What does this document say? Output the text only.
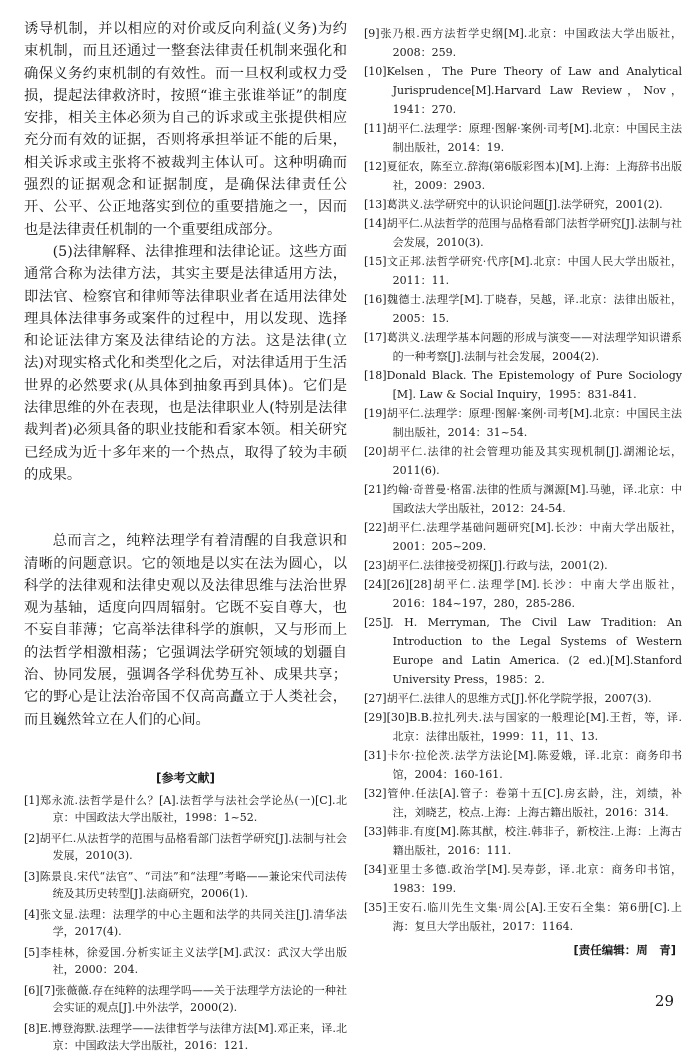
诱导机制，并以相应的对价或反向利益(义务)为约束机制，而且还通过一整套法律责任机制来强化和确保义务约束机制的有效性。而一旦权利或权力受损，提起法律救济时，按照“谁主张谁举证”的制度安排，相关主体必须为自己的诉求或主张提供相应充分而有效的证据，否则将承担举证不能的后果，相关诉求或主张将不被裁判主体认可。这种明确而强烈的证据观念和证据制度，是确保法律责任公开、公平、公正地落实到位的重要措施之一，因而也是法律责任机制的一个重要组成部分。

(5)法律解释、法律推理和法律论证。这些方面通常合称为法律方法，其实主要是法律适用方法，即法官、检察官和律师等法律职业者在适用法律处理具体法律事务或案件的过程中，用以发现、选择和论证法律方案及法律结论的方法。这是法律(立法)对现实格式化和类型化之后，对法律适用于生活世界的必然要求(从具体到抽象再到具体)。它们是法律思维的外在表现，也是法律职业人(特别是法律裁判者)必须具备的职业技能和看家本领。相关研究已经成为近十多年来的一个热点，取得了较为丰硕的成果。

总而言之，纯粹法理学有着清醒的自我意识和清晰的问题意识。它的领地是以实在法为圆心，以科学的法律观和法律史观以及法律思维与法治世界观为基轴，适度向四周辐射。它既不妄自尊大，也不妄自菲薄；它高举法律科学的旗帜，又与形而上的法哲学相激相荡；它强调法学研究领域的划疆自治、协同发展，强调各学科优势互补、成果共享；它的野心是让法治帝国不仅高高矗立于人类社会，而且巍然耸立在人们的心间。

[参考文献]

[1]郑永流.法哲学是什么？[A].法哲学与法社会学论丛(一)[C].北京：中国政法大学出版社，1998：1~52.

[2]胡平仁.从法哲学的范围与品格看部门法哲学研究[J].法制与社会发展，2010(3).

[3]陈景良.宋代“法官”、“司法”和“法理”考略——兼论宋代司法传统及其历史转型[J].法商研究，2006(1).

[4]张文显.法理：法理学的中心主题和法学的共同关注[J].清华法学，2017(4).

[5]李桂林，徐爱国.分析实证主义法学[M].武汉：武汉大学出版社，2000：204.

[6][7]张薇薇.存在纯粹的法理学吗——关于法理学方法论的一种社会实证的观点[J].中外法学，2000(2).

[8]E.博登海默.法理学——法律哲学与法律方法[M].邓正来，译.北京：中国政法大学出版社，2016：121.

[9]张乃根.西方法哲学史纲[M].北京：中国政法大学出版社，2008：259.

[10]Kelsen，The Pure Theory of Law and Analytical Jurisprudence[M].Harvard Law Review，Nov，1941：270.

[11]胡平仁.法理学：原理·图解·案例·司考[M].北京：中国民主法制出版社，2014：19.

[12]夏征农，陈至立.辞海(第6版彩图本)[M].上海：上海辞书出版社，2009：2903.

[13]葛洪义.法学研究中的认识论问题[J].法学研究，2001(2).

[14]胡平仁.从法哲学的范围与品格看部门法哲学研究[J].法制与社会发展，2010(3).

[15]文正邦.法哲学研究·代序[M].北京：中国人民大学出版社，2011：11.

[16]魏德士.法理学[M].丁晓春，吴越，译.北京：法律出版社，2005：15.

[17]葛洪义.法理学基本问题的形成与演变——对法理学知识谱系的一种考察[J].法制与社会发展，2004(2).

[18]Donald Black. The Epistemology of Pure Sociology [M]. Law & Social Inquiry，1995：831-841.

[19]胡平仁.法理学：原理·图解·案例·司考[M].北京：中国民主法制出版社，2014：31~54.

[20]胡平仁.法律的社会管理功能及其实现机制[J].湖湘论坛，2011(6).

[21]约翰·奇普曼·格雷.法律的性质与渊源[M].马驰，译.北京：中国政法大学出版社，2012：24-54.

[22]胡平仁.法理学基础问题研究[M].长沙：中南大学出版社，2001：205~209.

[23]胡平仁.法律接受初探[J].行政与法，2001(2).

[24][26][28]胡平仁.法理学[M].长沙：中南大学出版社，2016：184~197，280，285-286.

[25]J. H. Merryman, The Civil Law Tradition: An Introduction to the Legal Systems of Western Europe and Latin America. (2 ed.)[M].Stanford University Press，1985：2.

[27]胡平仁.法律人的思维方式[J].怀化学院学报，2007(3).

[29][30]B.B.拉扎列夫.法与国家的一般理论[M].王哲，等，译.北京：法律出版社，1999：11，11、13.

[31]卡尔·拉伦茨.法学方法论[M].陈爱娥，译.北京：商务印书馆，2004：160-161.

[32]管仲.任法[A].管子：卷第十五[C].房玄龄，注，刘绩，补注，刘晓艺，校点.上海：上海古籍出版社，2016：314.

[33]韩非.有度[M].陈其猷，校注.韩非子，新校注.上海：上海古籍出版社，2016：111.

[34]亚里士多德.政治学[M].吴寿彭，译.北京：商务印书馆，1983：199.

[35]王安石.临川先生文集·周公[A].王安石全集：第6册[C].上海：复旦大学出版社，2017：1164.

[责任编辑：周　青]
29
